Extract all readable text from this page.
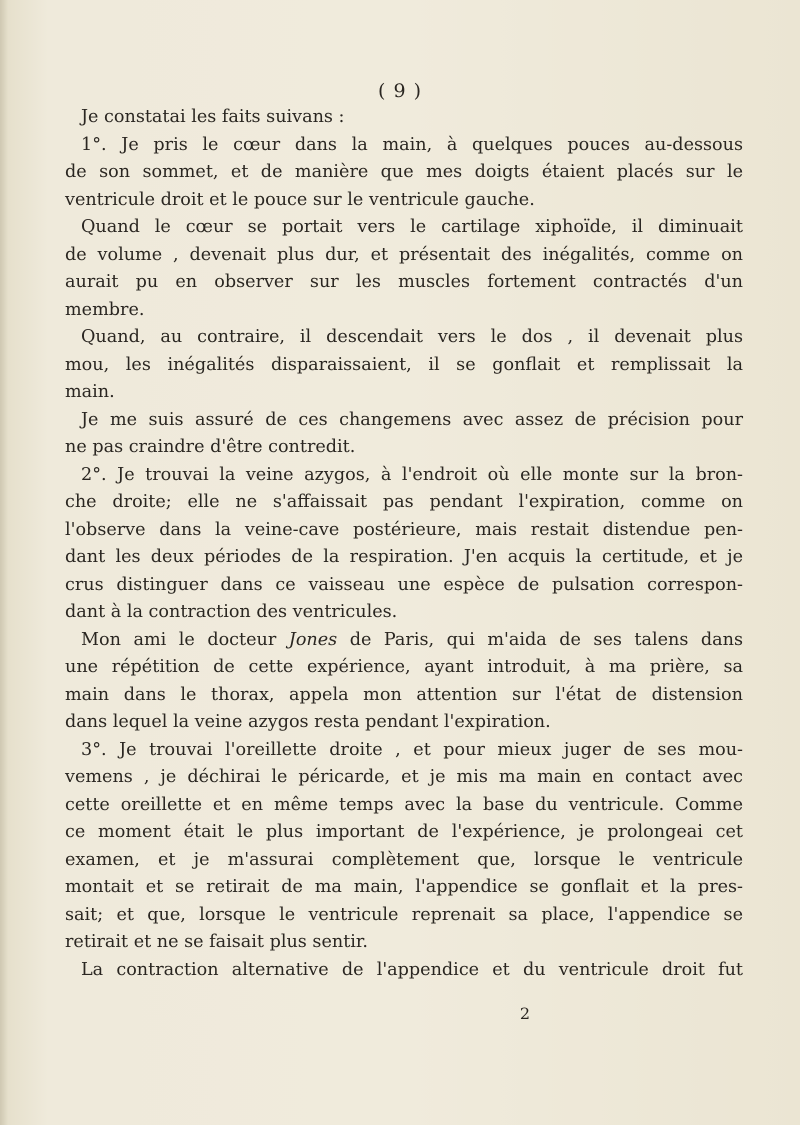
( 9 )
Je constatai les faits suivans :
1°. Je pris le cœur dans la main, à quelques pouces au-dessous
de son sommet, et de manière que mes doigts étaient placés sur le
ventricule droit et le pouce sur le ventricule gauche.
Quand le cœur se portait vers le cartilage xiphoïde, il diminuait
de volume , devenait plus dur, et présentait des inégalités, comme on
aurait pu en observer sur les muscles fortement contractés d'un
membre.
Quand, au contraire, il descendait vers le dos , il devenait plus
mou, les inégalités disparaissaient, il se gonflait et remplissait la
main.
Je me suis assuré de ces changemens avec assez de précision pour
ne pas craindre d'être contredit.
2°. Je trouvai la veine azygos, à l'endroit où elle monte sur la bron-
che droite; elle ne s'affaissait pas pendant l'expiration, comme on
l'observe dans la veine-cave postérieure, mais restait distendue pen-
dant les deux périodes de la respiration. J'en acquis la certitude, et je
crus distinguer dans ce vaisseau une espèce de pulsation correspon-
dant à la contraction des ventricules.
Mon ami le docteur Jones de Paris, qui m'aida de ses talens dans
une répétition de cette expérience, ayant introduit, à ma prière, sa
main dans le thorax, appela mon attention sur l'état de distension
dans lequel la veine azygos resta pendant l'expiration.
3°. Je trouvai l'oreillette droite , et pour mieux juger de ses mou-
vemens , je déchirai le péricarde, et je mis ma main en contact avec
cette oreillette et en même temps avec la base du ventricule. Comme
ce moment était le plus important de l'expérience, je prolongeai cet
examen, et je m'assurai complètement que, lorsque le ventricule
montait et se retirait de ma main, l'appendice se gonflait et la pres-
sait; et que, lorsque le ventricule reprenait sa place, l'appendice se
retirait et ne se faisait plus sentir.
La contraction alternative de l'appendice et du ventricule droit fut
2
